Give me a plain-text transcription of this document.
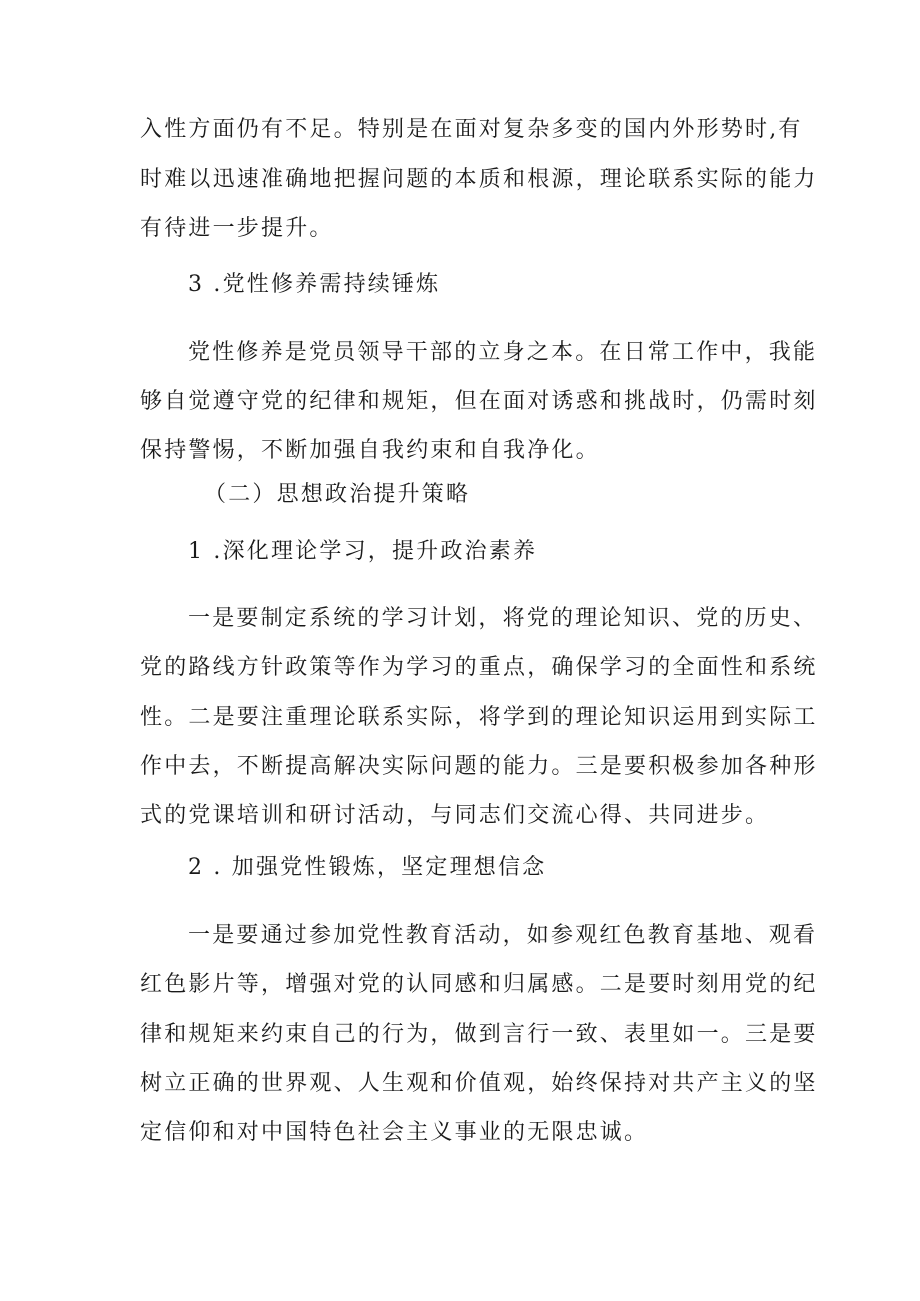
入性方面仍有不足。特别是在面对复杂多变的国内外形势时,有
时难以迅速准确地把握问题的本质和根源，理论联系实际的能力
有待进一步提升。
3 .党性修养需持续锤炼
党性修养是党员领导干部的立身之本。在日常工作中，我能
够自觉遵守党的纪律和规矩，但在面对诱惑和挑战时，仍需时刻
保持警惕，不断加强自我约束和自我净化。
（二）思想政治提升策略
1 .深化理论学习，提升政治素养
一是要制定系统的学习计划，将党的理论知识、党的历史、
党的路线方针政策等作为学习的重点，确保学习的全面性和系统
性。二是要注重理论联系实际，将学到的理论知识运用到实际工
作中去，不断提高解决实际问题的能力。三是要积极参加各种形
式的党课培训和研讨活动，与同志们交流心得、共同进步。
2 . 加强党性锻炼，坚定理想信念
一是要通过参加党性教育活动，如参观红色教育基地、观看
红色影片等，增强对党的认同感和归属感。二是要时刻用党的纪
律和规矩来约束自己的行为，做到言行一致、表里如一。三是要
树立正确的世界观、人生观和价值观，始终保持对共产主义的坚
定信仰和对中国特色社会主义事业的无限忠诚。
